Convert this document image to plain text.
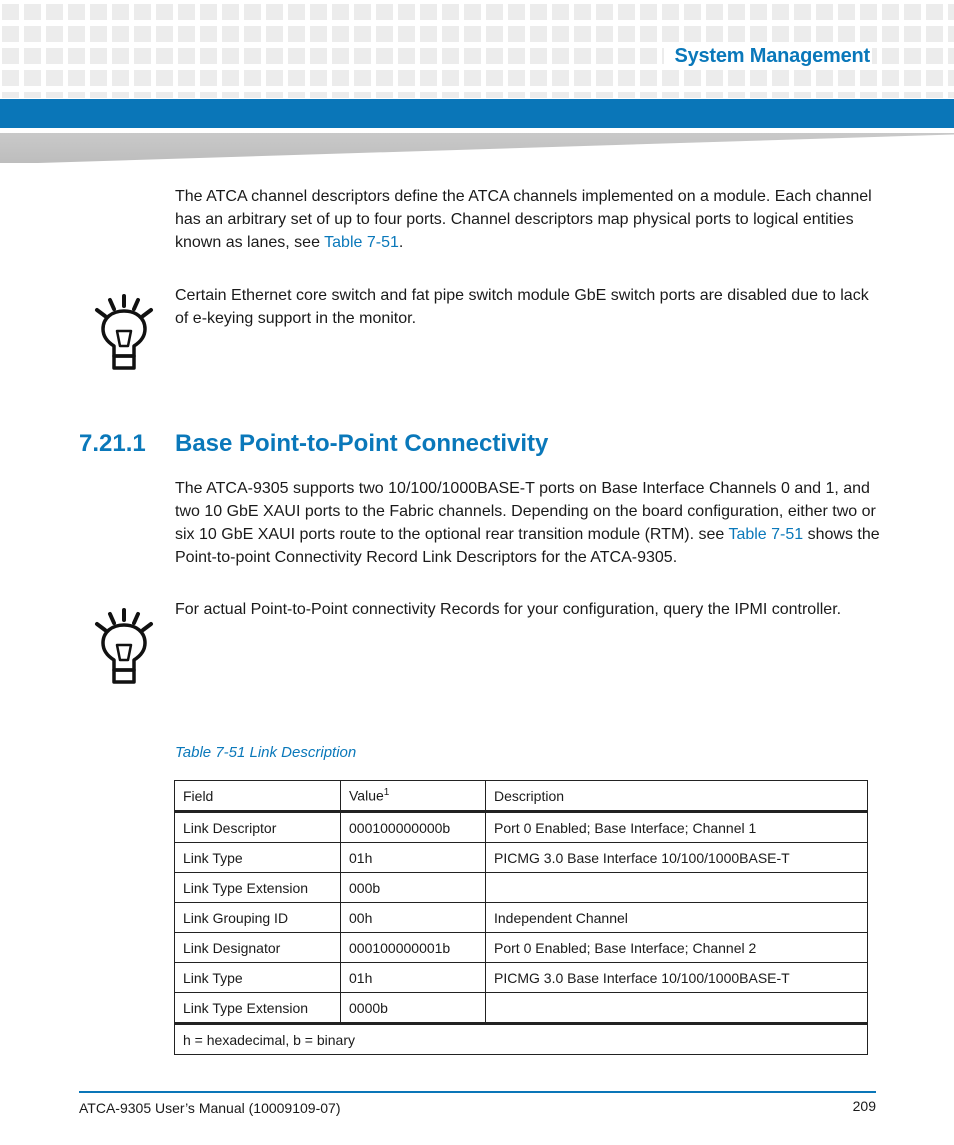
System Management

The ATCA channel descriptors define the ATCA channels implemented on a module. Each channel has an arbitrary set of up to four ports. Channel descriptors map physical ports to logical entities known as lanes, see Table 7-51.

Certain Ethernet core switch and fat pipe switch module GbE switch ports are disabled due to lack of e-keying support in the monitor.

7.21.1 Base Point-to-Point Connectivity

The ATCA-9305 supports two 10/100/1000BASE-T ports on Base Interface Channels 0 and 1, and two 10 GbE XAUI ports to the Fabric channels. Depending on the board configuration, either two or six 10 GbE XAUI ports route to the optional rear transition module (RTM). see Table 7-51 shows the Point-to-point Connectivity Record Link Descriptors for the ATCA-9305.

For actual Point-to-Point connectivity Records for your configuration, query the IPMI controller.

Table 7-51 Link Description
Field	Value$^1$	Description
Link Descriptor	000100000000b	Port 0 Enabled; Base Interface; Channel 1
Link Type	01h	PICMG 3.0 Base Interface 10/100/1000BASE-T
Link Type Extension	000b	
Link Grouping ID	00h	Independent Channel
Link Designator	000100000001b	Port 0 Enabled; Base Interface; Channel 2
Link Type	01h	PICMG 3.0 Base Interface 10/100/1000BASE-T
Link Type Extension	0000b	
h = hexadecimal, b = binary		
ATCA-9305 User’s Manual (10009109-07)	209
